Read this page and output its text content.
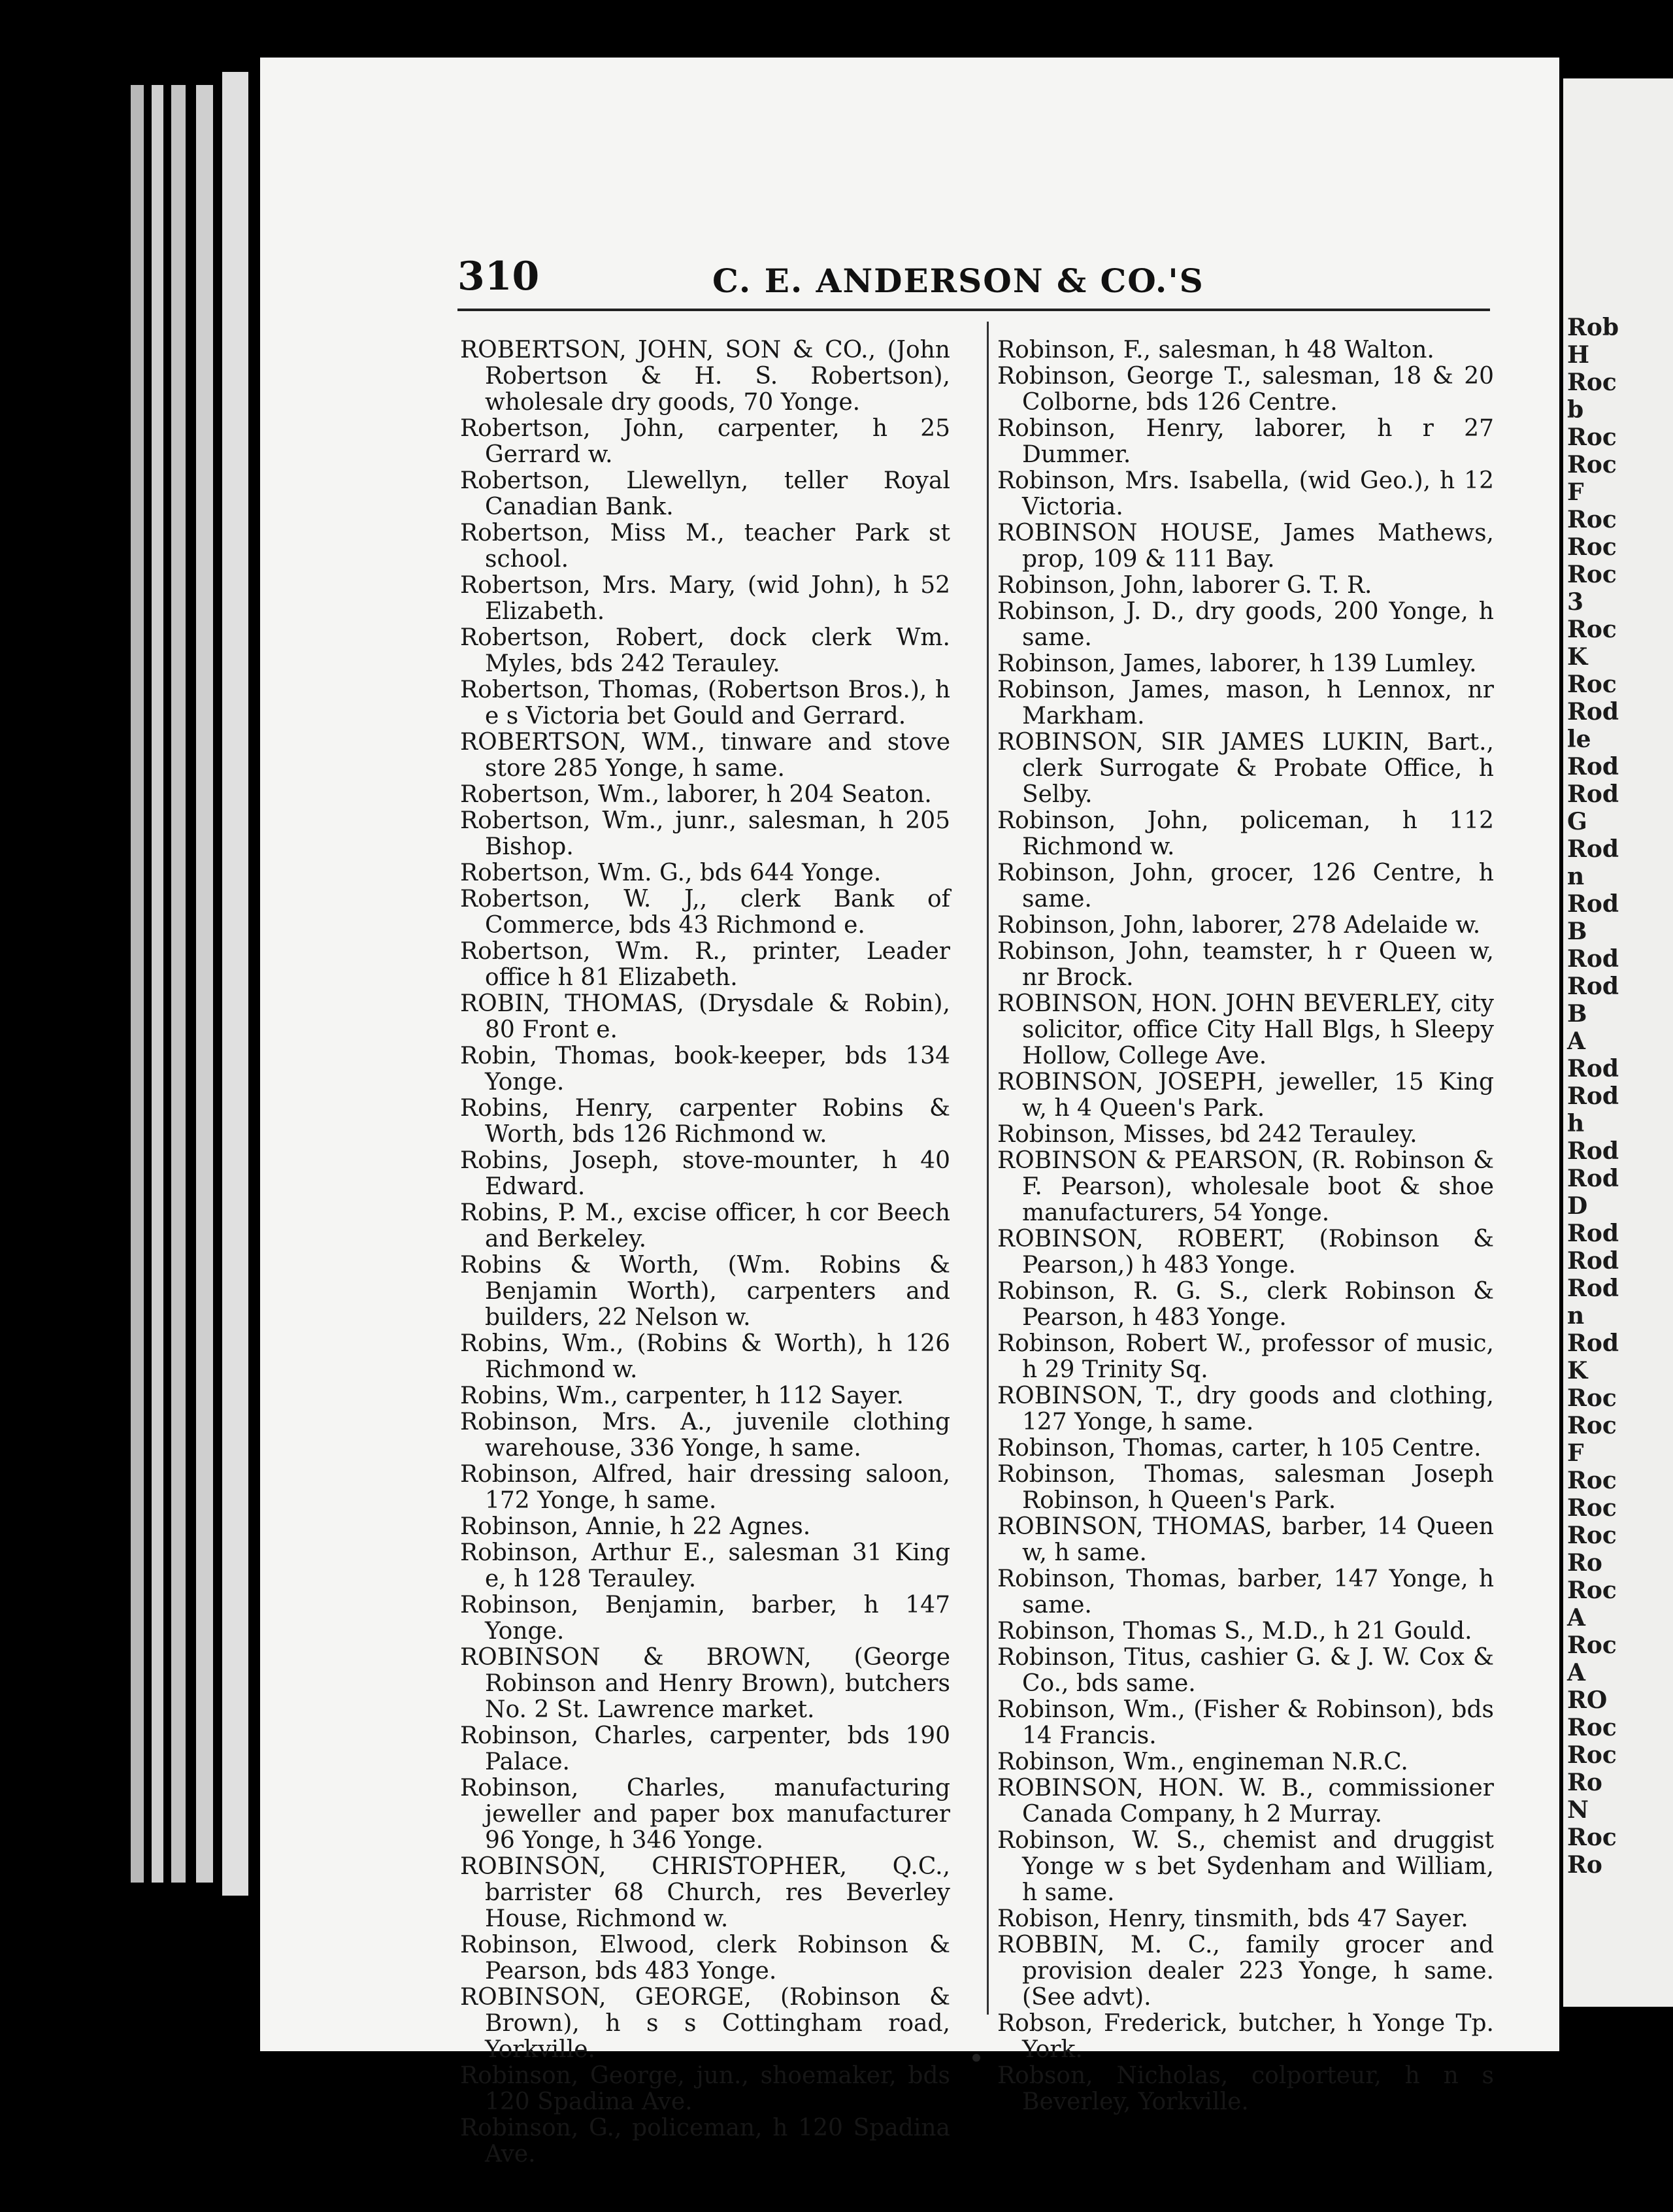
310	C. E. ANDERSON & CO.'S

ROBERTSON, JOHN, SON & CO., (John Robertson & H. S. Robertson), wholesale dry goods, 70 Yonge.

Robertson, John, carpenter, h 25 Gerrard w.

Robertson, Llewellyn, teller Royal Canadian Bank.

Robertson, Miss M., teacher Park st school.

Robertson, Mrs. Mary, (wid John), h 52 Elizabeth.

Robertson, Robert, dock clerk Wm. Myles, bds 242 Terauley.

Robertson, Thomas, (Robertson Bros.), h e s Victoria bet Gould and Gerrard.

ROBERTSON, WM., tinware and stove store 285 Yonge, h same.

Robertson, Wm., laborer, h 204 Seaton.

Robertson, Wm., junr., salesman, h 205 Bishop.

Robertson, Wm. G., bds 644 Yonge.

Robertson, W. J,, clerk Bank of Commerce, bds 43 Richmond e.

Robertson, Wm. R., printer, Leader office h 81 Elizabeth.

ROBIN, THOMAS, (Drysdale & Robin), 80 Front e.

Robin, Thomas, book-keeper, bds 134 Yonge.

Robins, Henry, carpenter Robins & Worth, bds 126 Richmond w.

Robins, Joseph, stove-mounter, h 40 Edward.

Robins, P. M., excise officer, h cor Beech and Berkeley.

Robins & Worth, (Wm. Robins & Benjamin Worth), carpenters and builders, 22 Nelson w.

Robins, Wm., (Robins & Worth), h 126 Richmond w.

Robins, Wm., carpenter, h 112 Sayer.

Robinson, Mrs. A., juvenile clothing warehouse, 336 Yonge, h same.

Robinson, Alfred, hair dressing saloon, 172 Yonge, h same.

Robinson, Annie, h 22 Agnes.

Robinson, Arthur E., salesman 31 King e, h 128 Terauley.

Robinson, Benjamin, barber, h 147 Yonge.

ROBINSON & BROWN, (George Robinson and Henry Brown), butchers No. 2 St. Lawrence market.

Robinson, Charles, carpenter, bds 190 Palace.

Robinson, Charles, manufacturing jeweller and paper box manufacturer 96 Yonge, h 346 Yonge.

ROBINSON, CHRISTOPHER, Q.C., barrister 68 Church, res Beverley House, Richmond w.

Robinson, Elwood, clerk Robinson & Pearson, bds 483 Yonge.

ROBINSON, GEORGE, (Robinson & Brown), h s s Cottingham road, Yorkville.

Robinson, George, jun., shoemaker, bds 120 Spadina Ave.

Robinson, G., policeman, h 120 Spadina Ave.

Robinson, F., salesman, h 48 Walton.

Robinson, George T., salesman, 18 & 20 Colborne, bds 126 Centre.

Robinson, Henry, laborer, h r 27 Dummer.

Robinson, Mrs. Isabella, (wid Geo.), h 12 Victoria.

ROBINSON HOUSE, James Mathews, prop, 109 & 111 Bay.

Robinson, John, laborer G. T. R.

Robinson, J. D., dry goods, 200 Yonge, h same.

Robinson, James, laborer, h 139 Lumley.

Robinson, James, mason, h Lennox, nr Markham.

ROBINSON, SIR JAMES LUKIN, Bart., clerk Surrogate & Probate Office, h Selby.

Robinson, John, policeman, h 112 Richmond w.

Robinson, John, grocer, 126 Centre, h same.

Robinson, John, laborer, 278 Adelaide w.

Robinson, John, teamster, h r Queen w, nr Brock.

ROBINSON, HON. JOHN BEVERLEY, city solicitor, office City Hall Blgs, h Sleepy Hollow, College Ave.

ROBINSON, JOSEPH, jeweller, 15 King w, h 4 Queen's Park.

Robinson, Misses, bd 242 Terauley.

ROBINSON & PEARSON, (R. Robinson & F. Pearson), wholesale boot & shoe manufacturers, 54 Yonge.

ROBINSON, ROBERT, (Robinson & Pearson,) h 483 Yonge.

Robinson, R. G. S., clerk Robinson & Pearson, h 483 Yonge.

Robinson, Robert W., professor of music, h 29 Trinity Sq.

ROBINSON, T., dry goods and clothing, 127 Yonge, h same.

Robinson, Thomas, carter, h 105 Centre.

Robinson, Thomas, salesman Joseph Robinson, h Queen's Park.

ROBINSON, THOMAS, barber, 14 Queen w, h same.

Robinson, Thomas, barber, 147 Yonge, h same.

Robinson, Thomas S., M.D., h 21 Gould.

Robinson, Titus, cashier G. & J. W. Cox & Co., bds same.

Robinson, Wm., (Fisher & Robinson), bds 14 Francis.

Robinson, Wm., engineman N.R.C.

ROBINSON, HON. W. B., commissioner Canada Company, h 2 Murray.

Robinson, W. S., chemist and druggist Yonge w s bet Sydenham and William, h same.

Robison, Henry, tinsmith, bds 47 Sayer.

ROBBIN, M. C., family grocer and provision dealer 223 Yonge, h same. (See advt).

Robson, Frederick, butcher, h Yonge Tp. York.

Robson, Nicholas, colporteur, h n s Beverley, Yorkville.

Rob
H
Roc
b
Roc
Roc
F
Roc
Roc
Roc
3
Roc
K
Roc
Rod
le
Rod
Rod
G
Rod
n
Rod
B
Rod
Rod
B
A
Rod
Rod
h
Rod
Rod
D
Rod
Rod
Rod
n
Rod
K
Roc
Roc
F
Roc
Roc
Roc
Ro
Roc
A
Roc
A
RO
Roc
Roc
Ro
N
Roc
Ro
